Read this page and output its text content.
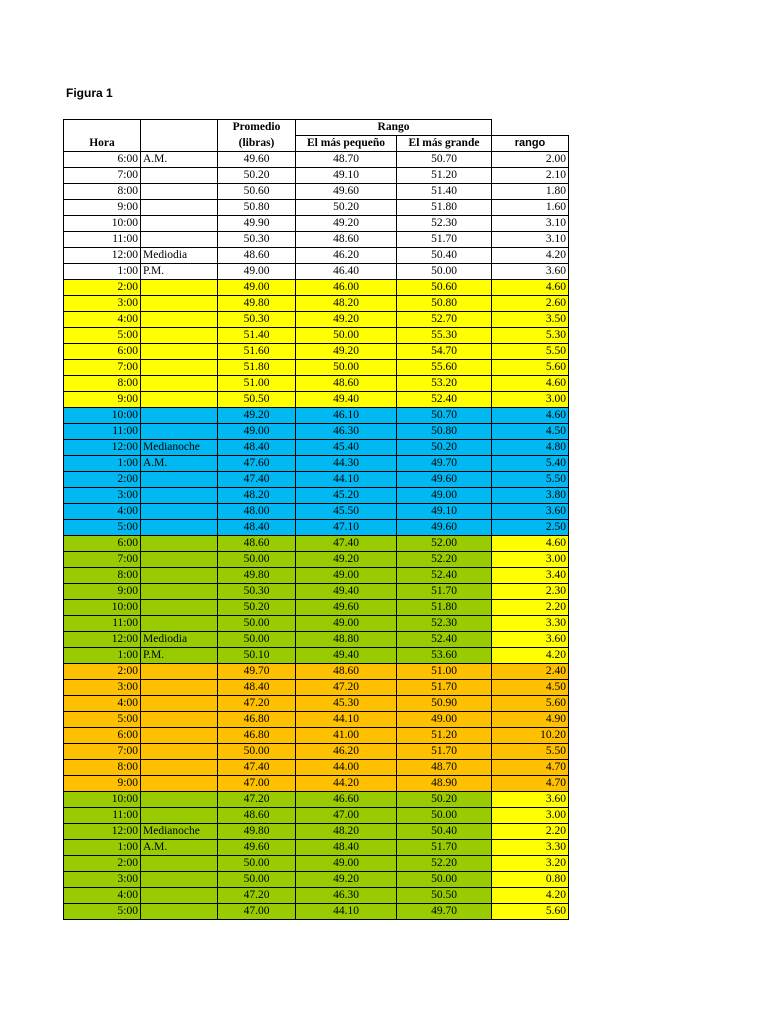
Figura 1
		Promedio	Rango		
Hora		(libras)	El más pequeño	El más grande	rango
6:00	A.M.	49.60	48.70	50.70	2.00
7:00		50.20	49.10	51.20	2.10
8:00		50.60	49.60	51.40	1.80
9:00		50.80	50.20	51.80	1.60
10:00		49.90	49.20	52.30	3.10
11:00		50.30	48.60	51.70	3.10
12:00	Mediodia	48.60	46.20	50.40	4.20
1:00	P.M.	49.00	46.40	50.00	3.60
2:00		49.00	46.00	50.60	4.60
3:00		49.80	48.20	50.80	2.60
4:00		50.30	49.20	52.70	3.50
5:00		51.40	50.00	55.30	5.30
6:00		51.60	49.20	54.70	5.50
7:00		51.80	50.00	55.60	5.60
8:00		51.00	48.60	53.20	4.60
9:00		50.50	49.40	52.40	3.00
10:00		49.20	46.10	50.70	4.60
11:00		49.00	46.30	50.80	4.50
12:00	Medianoche	48.40	45.40	50.20	4.80
1:00	A.M.	47.60	44.30	49.70	5.40
2:00		47.40	44.10	49.60	5.50
3:00		48.20	45.20	49.00	3.80
4:00		48.00	45.50	49.10	3.60
5:00		48.40	47.10	49.60	2.50
6:00		48.60	47.40	52.00	4.60
7:00		50.00	49.20	52.20	3.00
8:00		49.80	49.00	52.40	3.40
9:00		50.30	49.40	51.70	2.30
10:00		50.20	49.60	51.80	2.20
11:00		50.00	49.00	52.30	3.30
12:00	Mediodia	50.00	48.80	52.40	3.60
1:00	P.M.	50.10	49.40	53.60	4.20
2:00		49.70	48.60	51.00	2.40
3:00		48.40	47.20	51.70	4.50
4:00		47.20	45.30	50.90	5.60
5:00		46.80	44.10	49.00	4.90
6:00		46.80	41.00	51.20	10.20
7:00		50.00	46.20	51.70	5.50
8:00		47.40	44.00	48.70	4.70
9:00		47.00	44.20	48.90	4.70
10:00		47.20	46.60	50.20	3.60
11:00		48.60	47.00	50.00	3.00
12:00	Medianoche	49.80	48.20	50.40	2.20
1:00	A.M.	49.60	48.40	51.70	3.30
2:00		50.00	49.00	52.20	3.20
3:00		50.00	49.20	50.00	0.80
4:00		47.20	46.30	50.50	4.20
5:00		47.00	44.10	49.70	5.60
